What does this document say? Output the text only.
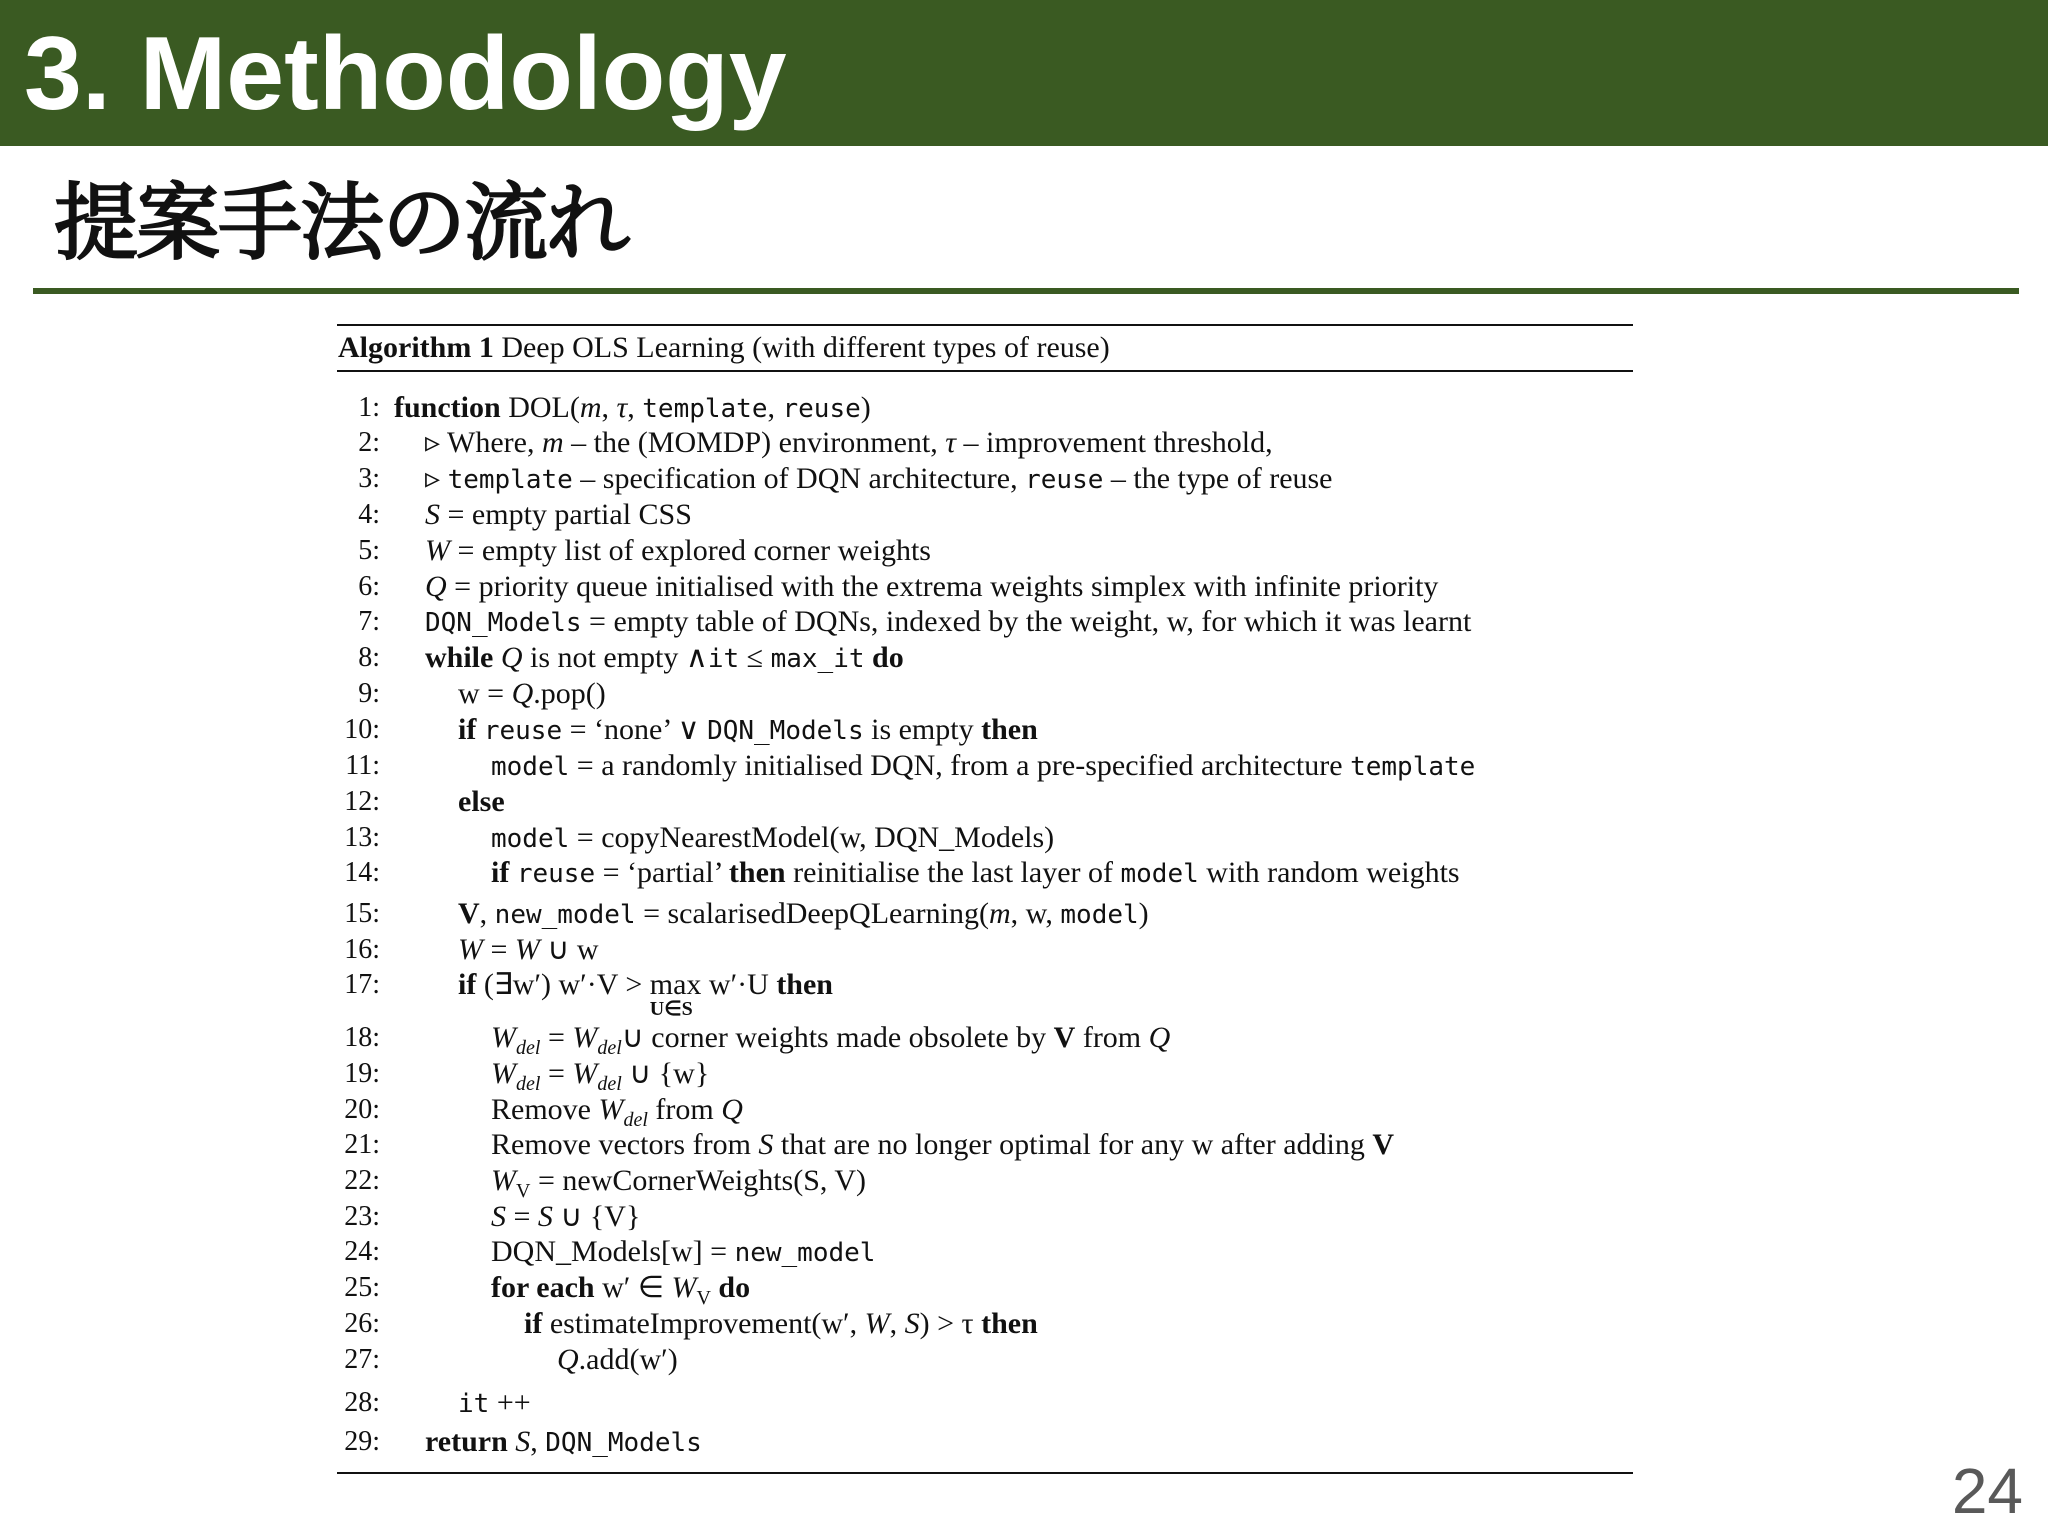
3. Methodology
提案手法の流れ
Algorithm 1 Deep OLS Learning (with different types of reuse)
1: function DOL(m, τ, template, reuse)
2: ▹ Where, m – the (MOMDP) environment, τ – improvement threshold,
3: ▹ template – specification of DQN architecture, reuse – the type of reuse
4: S = empty partial CSS
5: W = empty list of explored corner weights
6: Q = priority queue initialised with the extrema weights simplex with infinite priority
7: DQN_Models = empty table of DQNs, indexed by the weight, w, for which it was learnt
8: while Q is not empty ∧it ≤ max_it do
9:	w = Q.pop()
10:	if reuse = ‘none’ ∨ DQN_Models is empty then
11:	model = a randomly initialised DQN, from a pre-specified architecture template
12:	else
13:	model = copyNearestModel(w, DQN_Models)
14:	if reuse = ‘partial’ then reinitialise the last layer of model with random weights
15:	V, new_model = scalarisedDeepQLearning(m, w, model)
16:	W = W ∪ w
17:	if (∃w′) w′·V > max
U∈S
w′·U then
18:	$W_{del}$ = $W_{del}\cup$ corner weights made obsolete by V from Q
19:	$W_{del} = W_{del}$ ∪ {w}
20:	Remove $W_{del}$ from Q
21:	Remove vectors from S that are no longer optimal for any w after adding V
22:	$W_V$ = newCornerWeights(S, V)
23:	S = S ∪ {V}
24:	DQN_Models[w] = new_model
25:	for each w′ ∈ $W_V$ do
26:	if estimateImprovement(w′, W, S) > τ then
27:	Q.add(w′)
28:	it ++
29: return S, DQN_Models
24
